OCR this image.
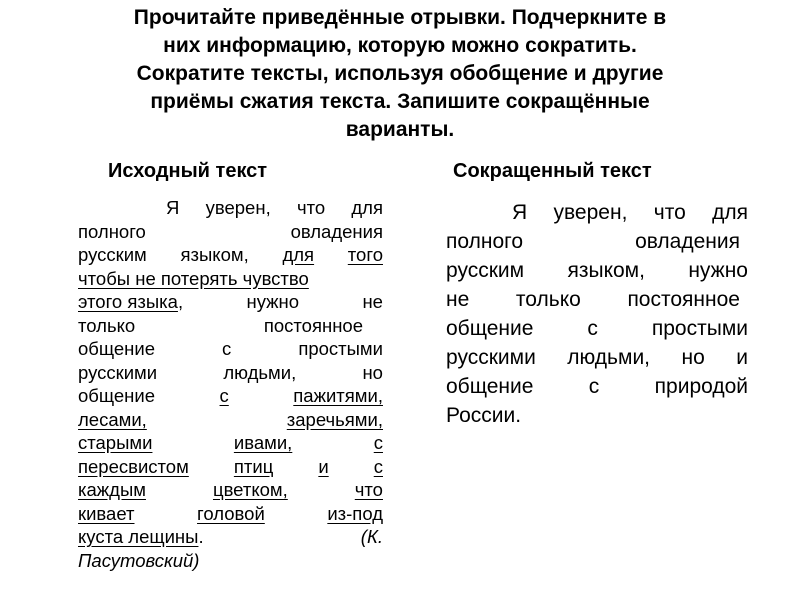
Прочитайте приведённые отрывки. Подчеркните в
них информацию, которую можно сократить.
Сократите тексты, используя обобщение и другие
приёмы сжатия текста. Запишите сокращённые
варианты.
Исходный текст	Сокращенный текст
Я уверен, что для
полного	овладения
русским языком, для того
чтобы не потерять чувство
этого языка,	нужно	не
только	постоянное
общение	с	простыми
русскими	людьми,	но
общение	с	пажитями,
лесами,	заречьями,
старыми	ивами,	с
пересвистом птиц и с
каждым	цветком,	что
кивает	головой	из-под
куста лещины.	(К.
Пасутовский)
Я уверен, что для
полного	овладения
русским языком, нужно
не только постоянное
общение	с	простыми
русскими людьми, но и
общение	с	природой
России.
